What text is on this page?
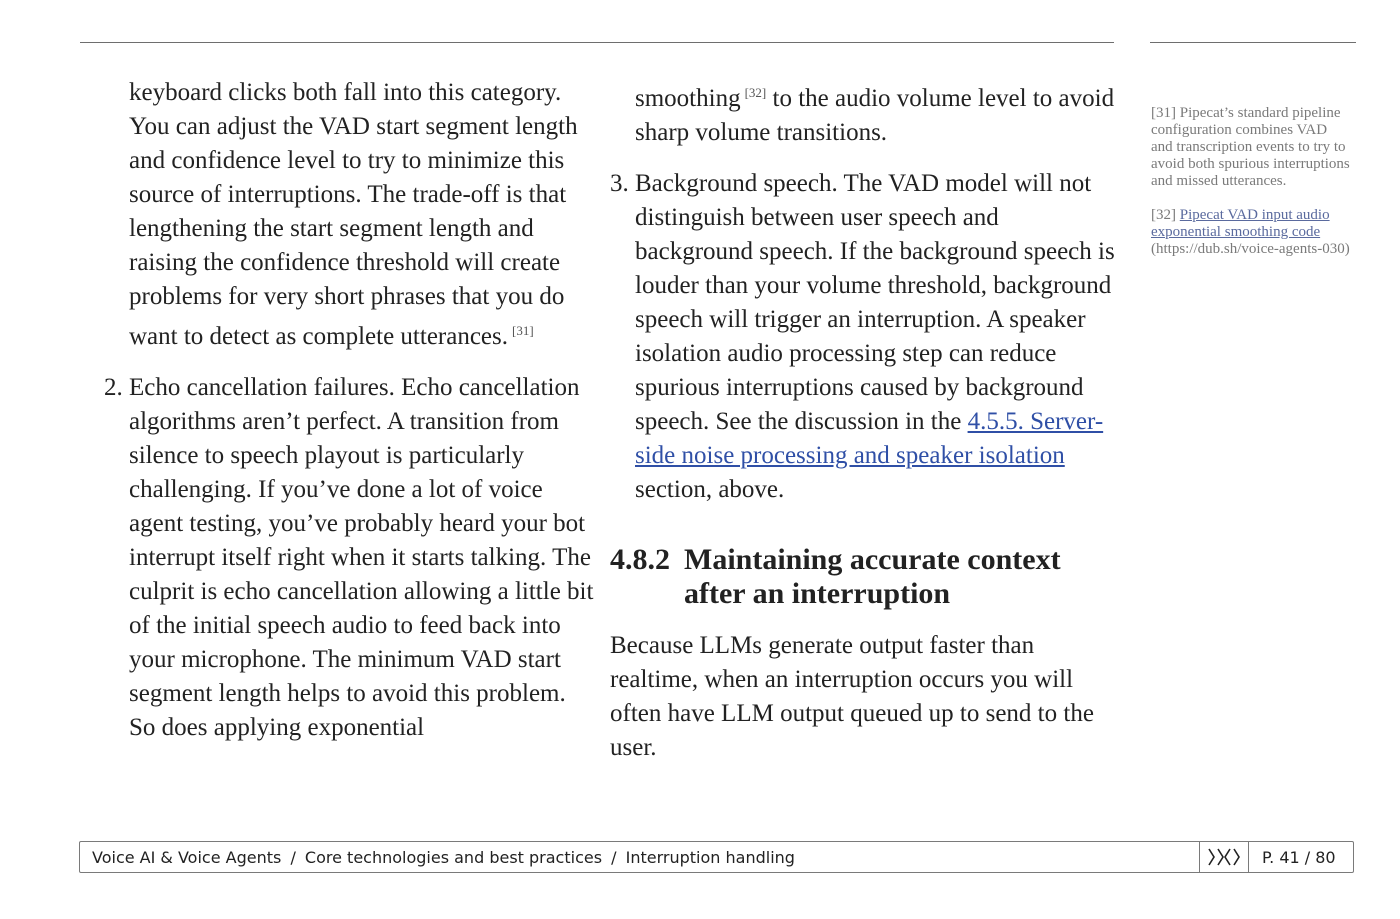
keyboard clicks both fall into this category. You can adjust the VAD start segment length and confidence level to try to minimize this source of interruptions. The trade-off is that lengthening the start segment length and raising the confidence threshold will create problems for very short phrases that you do want to detect as complete utterances. [31]

2. Echo cancellation failures. Echo cancellation algorithms aren’t perfect. A transition from silence to speech playout is particularly challenging. If you’ve done a lot of voice agent testing, you’ve probably heard your bot interrupt itself right when it starts talking. The culprit is echo cancellation allowing a little bit of the initial speech audio to feed back into your microphone. The minimum VAD start segment length helps to avoid this problem. So does applying exponential

smoothing [32] to the audio volume level to avoid sharp volume transitions.

3. Background speech. The VAD model will not distinguish between user speech and background speech. If the background speech is louder than your volume threshold, background speech will trigger an interruption. A speaker isolation audio processing step can reduce spurious interruptions caused by background speech. See the discussion in the 4.5.5. Server-side noise processing and speaker isolation section, above.

4.8.2 Maintaining accurate context after an interruption

Because LLMs generate output faster than realtime, when an interruption occurs you will often have LLM output queued up to send to the user.

[31] Pipecat’s standard pipeline configuration combines VAD and transcription events to try to avoid both spurious interruptions and missed utterances.

[32] Pipecat VAD input audio exponential smoothing code (https://dub.sh/voice-agents-030)

Voice AI & Voice Agents / Core technologies and best practices / Interruption handling	P. 41 / 80
